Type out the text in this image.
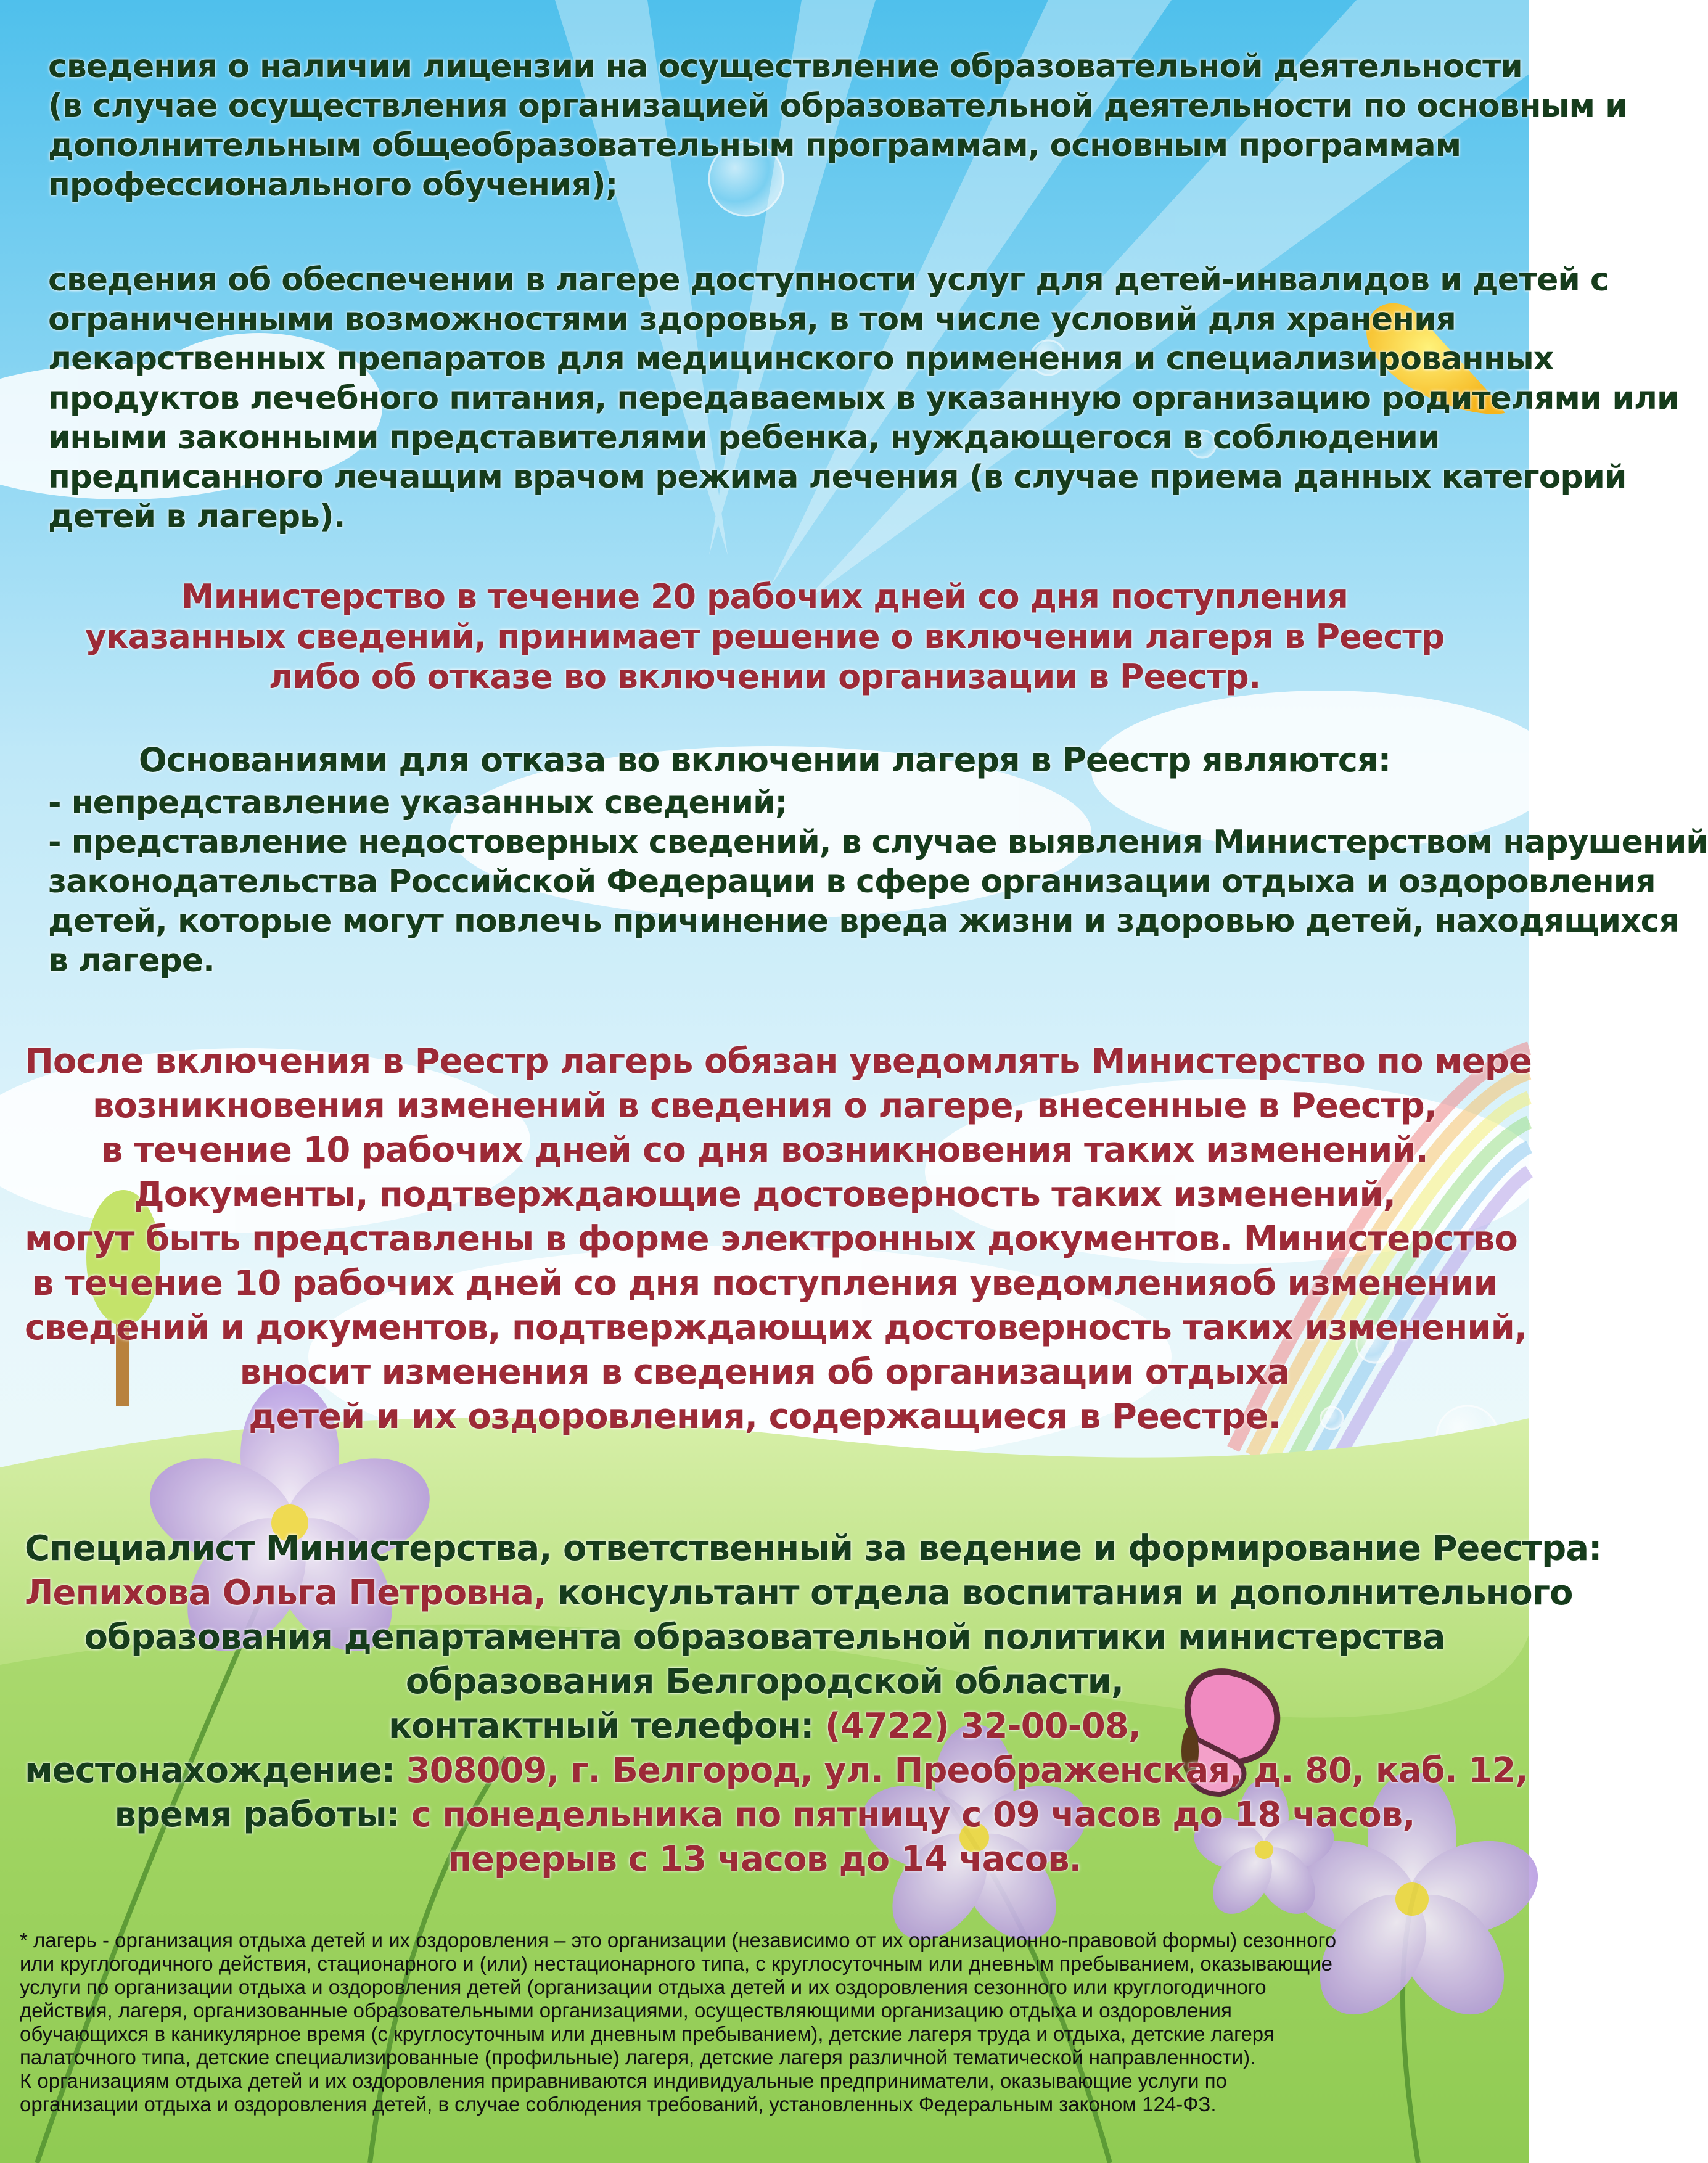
сведения о наличии лицензии на осуществление образовательной деятельности
(в случае осуществления организацией образовательной деятельности по основным и
дополнительным общеобразовательным программам, основным программам
профессионального обучения);
сведения об обеспечении в лагере доступности услуг для детей-инвалидов и детей с
ограниченными возможностями здоровья, в том числе условий для хранения
лекарственных препаратов для медицинского применения и специализированных
продуктов лечебного питания, передаваемых в указанную организацию родителями или
иными законными представителями ребенка, нуждающегося в соблюдении
предписанного лечащим врачом режима лечения (в случае приема данных категорий
детей в лагерь).
Министерство в течение 20 рабочих дней со дня поступления
указанных сведений, принимает решение о включении лагеря в Реестр
либо об отказе во включении организации в Реестр.
Основаниями для отказа во включении лагеря в Реестр являются:
- непредставление указанных сведений;
- представление недостоверных сведений, в случае выявления Министерством нарушений
законодательства Российской Федерации в сфере организации отдыха и оздоровления
детей, которые могут повлечь причинение вреда жизни и здоровью детей, находящихся
в лагере.
После включения в Реестр лагерь обязан уведомлять Министерство по мере
возникновения изменений в сведения о лагере, внесенные в Реестр,
в течение 10 рабочих дней со дня возникновения таких изменений.
Документы, подтверждающие достоверность таких изменений,
могут быть представлены в форме электронных документов. Министерство
в течение 10 рабочих дней со дня поступления уведомленияоб изменении
сведений и документов, подтверждающих достоверность таких изменений,
вносит изменения в сведения об организации отдыха
детей и их оздоровления, содержащиеся в Реестре.
Специалист Министерства, ответственный за ведение и формирование Реестра:
Лепихова Ольга Петровна, консультант отдела воспитания и дополнительного
образования департамента образовательной политики министерства
образования Белгородской области,
контактный телефон: (4722) 32-00-08,
местонахождение: 308009, г. Белгород, ул. Преображенская, д. 80, каб. 12,
время работы: с понедельника по пятницу с 09 часов до 18 часов,
перерыв с 13 часов до 14 часов.

* лагерь - организация отдыха детей и их оздоровления – это организации (независимо от их организационно-правовой формы) сезонного

или круглогодичного действия, стационарного и (или) нестационарного типа, с круглосуточным или дневным пребыванием, оказывающие

услуги по организации отдыха и оздоровления детей (организации отдыха детей и их оздоровления сезонного или круглогодичного

действия, лагеря, организованные образовательными организациями, осуществляющими организацию отдыха и оздоровления

обучающихся в каникулярное время (с круглосуточным или дневным пребыванием), детские лагеря труда и отдыха, детские лагеря

палаточного типа, детские специализированные (профильные) лагеря, детские лагеря различной тематической направленности).

К организациям отдыха детей и их оздоровления приравниваются индивидуальные предприниматели, оказывающие услуги по

организации отдыха и оздоровления детей, в случае соблюдения требований, установленных Федеральным законом 124-ФЗ.
